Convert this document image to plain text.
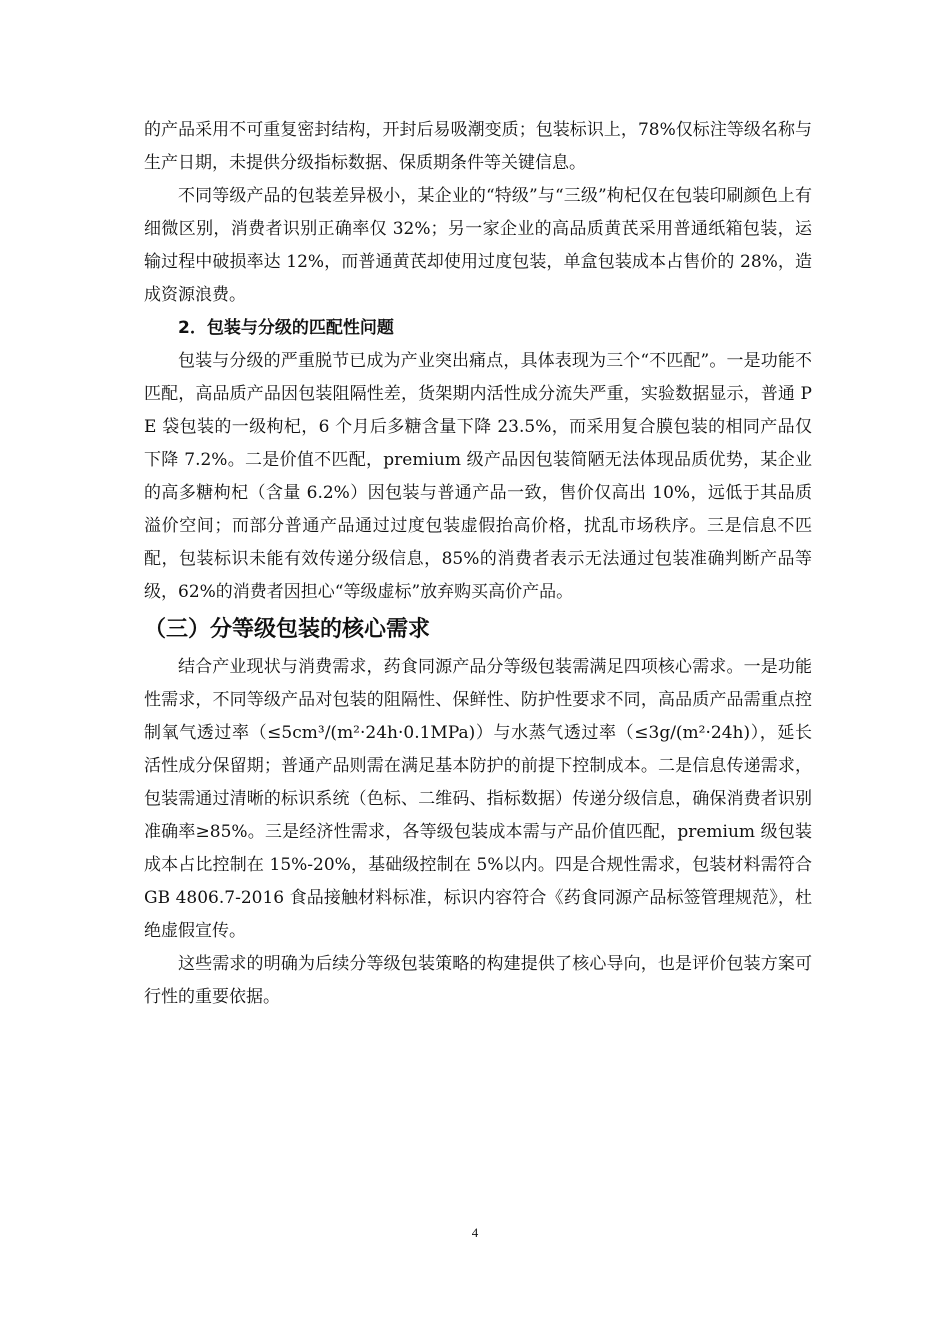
的产品采用不可重复密封结构，开封后易吸潮变质；包装标识上，78%仅标注等级名称与生产日期，未提供分级指标数据、保质期条件等关键信息。

不同等级产品的包装差异极小，某企业的“特级”与“三级”枸杞仅在包装印刷颜色上有细微区别，消费者识别正确率仅 32%；另一家企业的高品质黄芪采用普通纸箱包装，运输过程中破损率达 12%，而普通黄芪却使用过度包装，单盒包装成本占售价的 28%，造成资源浪费。

2．包装与分级的匹配性问题

包装与分级的严重脱节已成为产业突出痛点，具体表现为三个“不匹配”。一是功能不匹配，高品质产品因包装阻隔性差，货架期内活性成分流失严重，实验数据显示，普通 PE 袋包装的一级枸杞，6 个月后多糖含量下降 23.5%，而采用复合膜包装的相同产品仅下降 7.2%。二是价值不匹配，premium 级产品因包装简陋无法体现品质优势，某企业的高多糖枸杞（含量 6.2%）因包装与普通产品一致，售价仅高出 10%，远低于其品质溢价空间；而部分普通产品通过过度包装虚假抬高价格，扰乱市场秩序。三是信息不匹配，包装标识未能有效传递分级信息，85%的消费者表示无法通过包装准确判断产品等级，62%的消费者因担心“等级虚标”放弃购买高价产品。

（三）分等级包装的核心需求

结合产业现状与消费需求，药食同源产品分等级包装需满足四项核心需求。一是功能性需求，不同等级产品对包装的阻隔性、保鲜性、防护性要求不同，高品质产品需重点控制氧气透过率（≤5cm³/(m²·24h·0.1MPa)）与水蒸气透过率（≤3g/(m²·24h)），延长活性成分保留期；普通产品则需在满足基本防护的前提下控制成本。二是信息传递需求，包装需通过清晰的标识系统（色标、二维码、指标数据）传递分级信息，确保消费者识别准确率≥85%。三是经济性需求，各等级包装成本需与产品价值匹配，premium 级包装成本占比控制在 15%-20%，基础级控制在 5%以内。四是合规性需求，包装材料需符合 GB 4806.7-2016 食品接触材料标准，标识内容符合《药食同源产品标签管理规范》，杜绝虚假宣传。

这些需求的明确为后续分等级包装策略的构建提供了核心导向，也是评价包装方案可行性的重要依据。

4
